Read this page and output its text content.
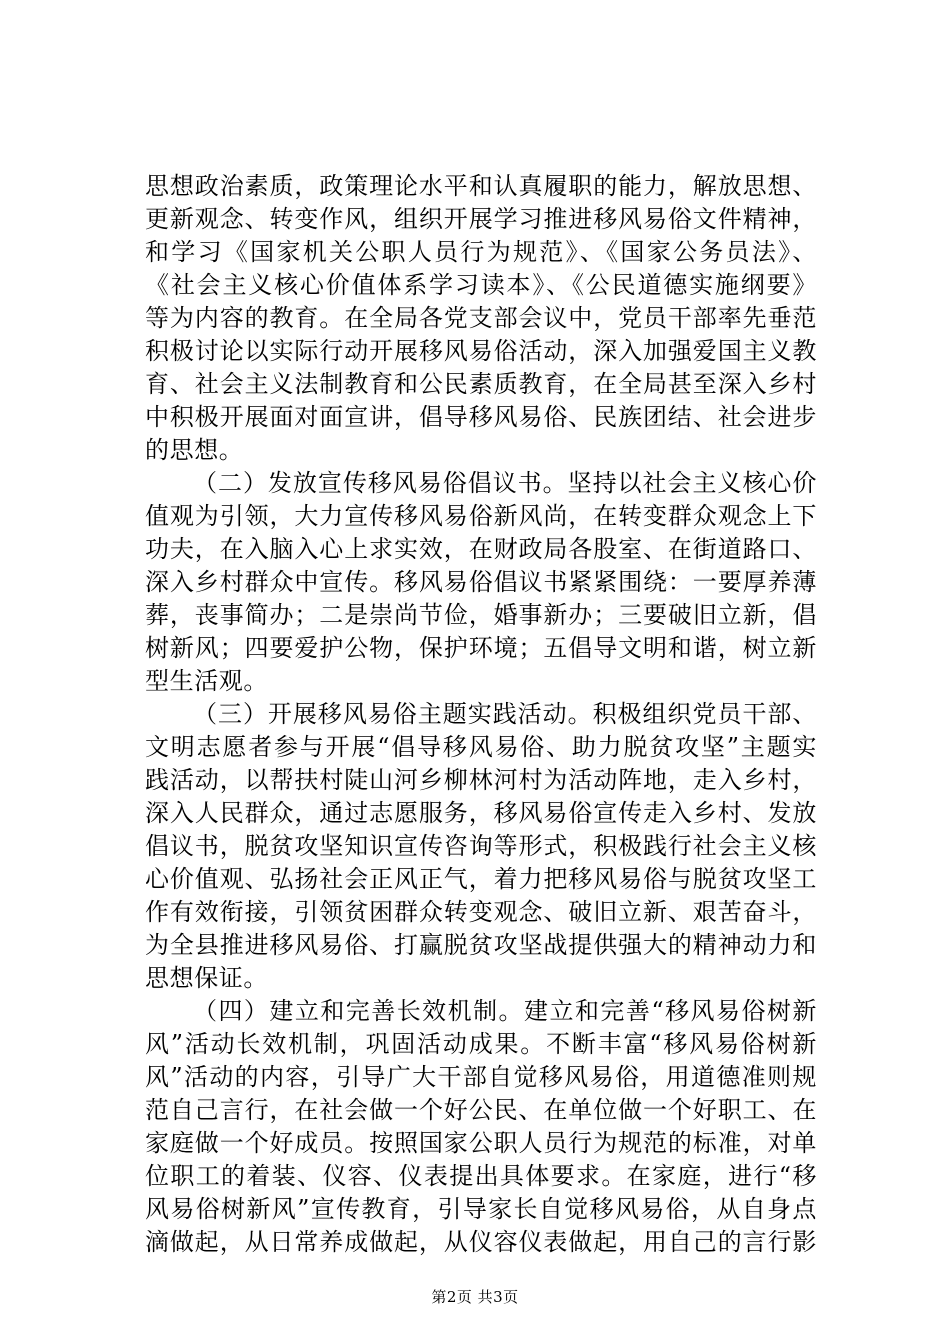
思想政治素质，政策理论水平和认真履职的能力，解放思想、
更新观念、转变作风，组织开展学习推进移风易俗文件精神，
和学习《国家机关公职人员行为规范》、《国家公务员法》、
《社会主义核心价值体系学习读本》、《公民道德实施纲要》
等为内容的教育。在全局各党支部会议中，党员干部率先垂范
积极讨论以实际行动开展移风易俗活动，深入加强爱国主义教
育、社会主义法制教育和公民素质教育，在全局甚至深入乡村
中积极开展面对面宣讲，倡导移风易俗、民族团结、社会进步
的思想。
（二）发放宣传移风易俗倡议书。坚持以社会主义核心价
值观为引领，大力宣传移风易俗新风尚，在转变群众观念上下
功夫，在入脑入心上求实效，在财政局各股室、在街道路口、
深入乡村群众中宣传。移风易俗倡议书紧紧围绕：一要厚养薄
葬，丧事简办；二是崇尚节俭，婚事新办；三要破旧立新，倡
树新风；四要爱护公物，保护环境；五倡导文明和谐，树立新
型生活观。
（三）开展移风易俗主题实践活动。积极组织党员干部、
文明志愿者参与开展“倡导移风易俗、助力脱贫攻坚”主题实
践活动，以帮扶村陡山河乡柳林河村为活动阵地，走入乡村，
深入人民群众，通过志愿服务，移风易俗宣传走入乡村、发放
倡议书，脱贫攻坚知识宣传咨询等形式，积极践行社会主义核
心价值观、弘扬社会正风正气，着力把移风易俗与脱贫攻坚工
作有效衔接，引领贫困群众转变观念、破旧立新、艰苦奋斗，
为全县推进移风易俗、打赢脱贫攻坚战提供强大的精神动力和
思想保证。
（四）建立和完善长效机制。建立和完善“移风易俗树新
风”活动长效机制，巩固活动成果。不断丰富“移风易俗树新
风”活动的内容，引导广大干部自觉移风易俗，用道德准则规
范自己言行，在社会做一个好公民、在单位做一个好职工、在
家庭做一个好成员。按照国家公职人员行为规范的标准，对单
位职工的着装、仪容、仪表提出具体要求。在家庭，进行“移
风易俗树新风”宣传教育，引导家长自觉移风易俗，从自身点
滴做起，从日常养成做起，从仪容仪表做起，用自己的言行影
第2页 共3页
